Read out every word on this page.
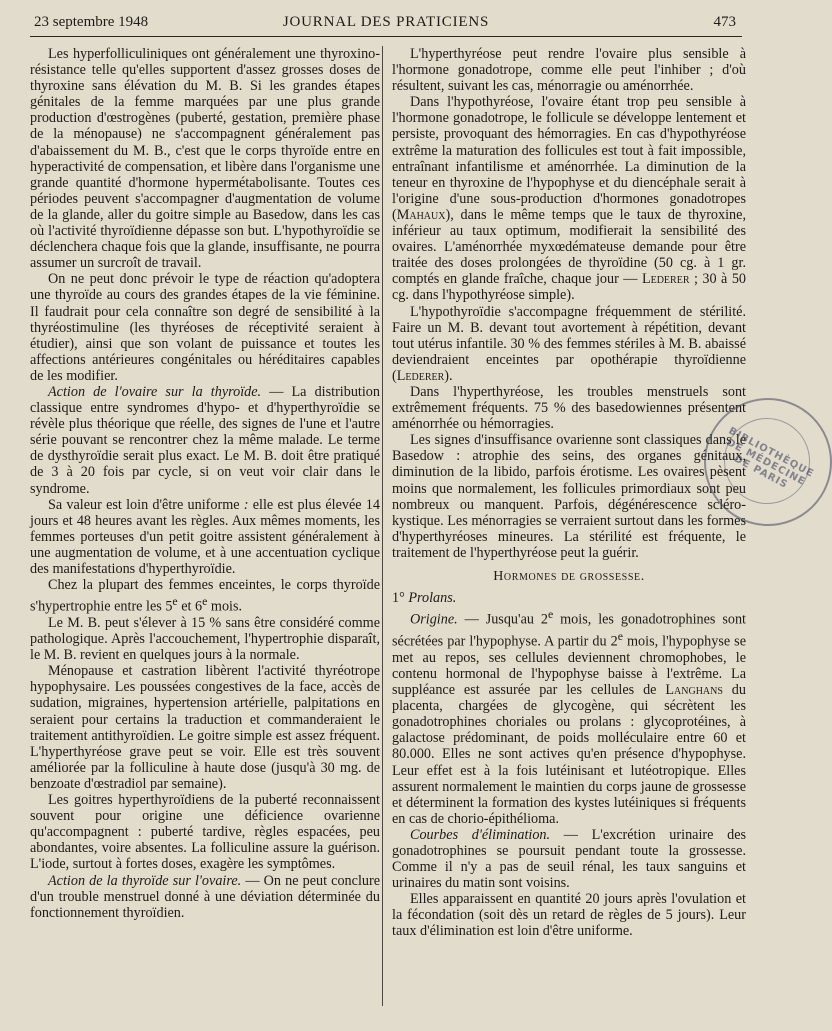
23 septembre 1948	JOURNAL DES PRATICIENS	473

Les hyperfolliculiniques ont généralement une thyroxino-résistance telle qu'elles supportent d'assez grosses doses de thyroxine sans élévation du M. B. Si les grandes étapes génitales de la femme marquées par une plus grande production d'œstrogènes (puberté, gestation, première phase de la ménopause) ne s'accompagnent généralement pas d'abaissement du M. B., c'est que le corps thyroïde entre en hyperactivité de compensation, et libère dans l'organisme une grande quantité d'hormone hypermétabolisante. Toutes ces périodes peuvent s'accompagner d'augmentation de volume de la glande, aller du goitre simple au Basedow, dans les cas où l'activité thyroïdienne dépasse son but. L'hypothyroïdie se déclenchera chaque fois que la glande, insuffisante, ne pourra assumer un surcroît de travail.

On ne peut donc prévoir le type de réaction qu'adoptera une thyroïde au cours des grandes étapes de la vie féminine. Il faudrait pour cela connaître son degré de sensibilité à la thyréostimuline (les thyréoses de réceptivité seraient à étudier), ainsi que son volant de puissance et toutes les affections antérieures congénitales ou héréditaires capables de les modifier.

Action de l'ovaire sur la thyroïde. — La distribution classique entre syndromes d'hypo- et d'hyperthyroïdie se révèle plus théorique que réelle, des signes de l'une et l'autre série pouvant se rencontrer chez la même malade. Le terme de dysthyroïdie serait plus exact. Le M. B. doit être pratiqué de 3 à 20 fois par cycle, si on veut voir clair dans le syndrome.

Sa valeur est loin d'être uniforme : elle est plus élevée 14 jours et 48 heures avant les règles. Aux mêmes moments, les femmes porteuses d'un petit goitre assistent généralement à une augmentation de volume, et à une accentuation cyclique des manifestations d'hyperthyroïdie.

Chez la plupart des femmes enceintes, le corps thyroïde s'hypertrophie entre les 5e et 6e mois.

Le M. B. peut s'élever à 15 % sans être considéré comme pathologique. Après l'accouchement, l'hypertrophie disparaît, le M. B. revient en quelques jours à la normale.

Ménopause et castration libèrent l'activité thyréotrope hypophysaire. Les poussées congestives de la face, accès de sudation, migraines, hypertension artérielle, palpitations en seraient pour certains la traduction et commanderaient le traitement antithyroïdien. Le goitre simple est assez fréquent. L'hyperthyréose grave peut se voir. Elle est très souvent améliorée par la folliculine à haute dose (jusqu'à 30 mg. de benzoate d'œstradiol par semaine).

Les goitres hyperthyroïdiens de la puberté reconnaissent souvent pour origine une déficience ovarienne qu'accompagnent : puberté tardive, règles espacées, peu abondantes, voire absentes. La folliculine assure la guérison. L'iode, surtout à fortes doses, exagère les symptômes.

Action de la thyroïde sur l'ovaire. — On ne peut conclure d'un trouble menstruel donné à une déviation déterminée du fonctionnement thyroïdien.

L'hyperthyréose peut rendre l'ovaire plus sensible à l'hormone gonadotrope, comme elle peut l'inhiber ; d'où résultent, suivant les cas, ménorragie ou aménorrhée.

Dans l'hypothyréose, l'ovaire étant trop peu sensible à l'hormone gonadotrope, le follicule se développe lentement et persiste, provoquant des hémorragies. En cas d'hypothyréose extrême la maturation des follicules est tout à fait impossible, entraînant infantilisme et aménorrhée. La diminution de la teneur en thyroxine de l'hypophyse et du diencéphale serait à l'origine d'une sous-production d'hormones gonadotropes (Mahaux), dans le même temps que le taux de thyroxine, inférieur au taux optimum, modifierait la sensibilité des ovaires. L'aménorrhée myxœdémateuse demande pour être traitée des doses prolongées de thyroïdine (50 cg. à 1 gr. comptés en glande fraîche, chaque jour — Lederer ; 30 à 50 cg. dans l'hypothyréose simple).

L'hypothyroïdie s'accompagne fréquemment de stérilité. Faire un M. B. devant tout avortement à répétition, devant tout utérus infantile. 30 % des femmes stériles à M. B. abaissé deviendraient enceintes par opothérapie thyroïdienne (Lederer).

Dans l'hyperthyréose, les troubles menstruels sont extrêmement fréquents. 75 % des basedowiennes présentent aménorrhée ou hémorragies.

Les signes d'insuffisance ovarienne sont classiques dans le Basedow : atrophie des seins, des organes génitaux, diminution de la libido, parfois érotisme. Les ovaires pèsent moins que normalement, les follicules primordiaux sont peu nombreux ou manquent. Parfois, dégénérescence scléro-kystique. Les ménorragies se verraient surtout dans les formes d'hyperthyréoses mineures. La stérilité est fréquente, le traitement de l'hyperthyréose peut la guérir.

Hormones de grossesse.

1° Prolans.

Origine. — Jusqu'au 2e mois, les gonadotrophines sont sécrétées par l'hypophyse. A partir du 2e mois, l'hypophyse se met au repos, ses cellules deviennent chromophobes, le contenu hormonal de l'hypophyse baisse à l'extrême. La suppléance est assurée par les cellules de Langhans du placenta, chargées de glycogène, qui sécrètent les gonadotrophines choriales ou prolans : glycoprotéines, à galactose prédominant, de poids molléculaire entre 60 et 80.000. Elles ne sont actives qu'en présence d'hypophyse. Leur effet est à la fois lutéinisant et lutéotropique. Elles assurent normalement le maintien du corps jaune de grossesse et déterminent la formation des kystes lutéiniques si fréquents en cas de chorio-épithélioma.

Courbes d'élimination. — L'excrétion urinaire des gonadotrophines se poursuit pendant toute la grossesse. Comme il n'y a pas de seuil rénal, les taux sanguins et urinaires du matin sont voisins.

Elles apparaissent en quantité 20 jours après l'ovulation et la fécondation (soit dès un retard de règles de 5 jours). Leur taux d'élimination est loin d'être uniforme.

BIBLIOTHÈQUE DE MÉDECINE DE PARIS
